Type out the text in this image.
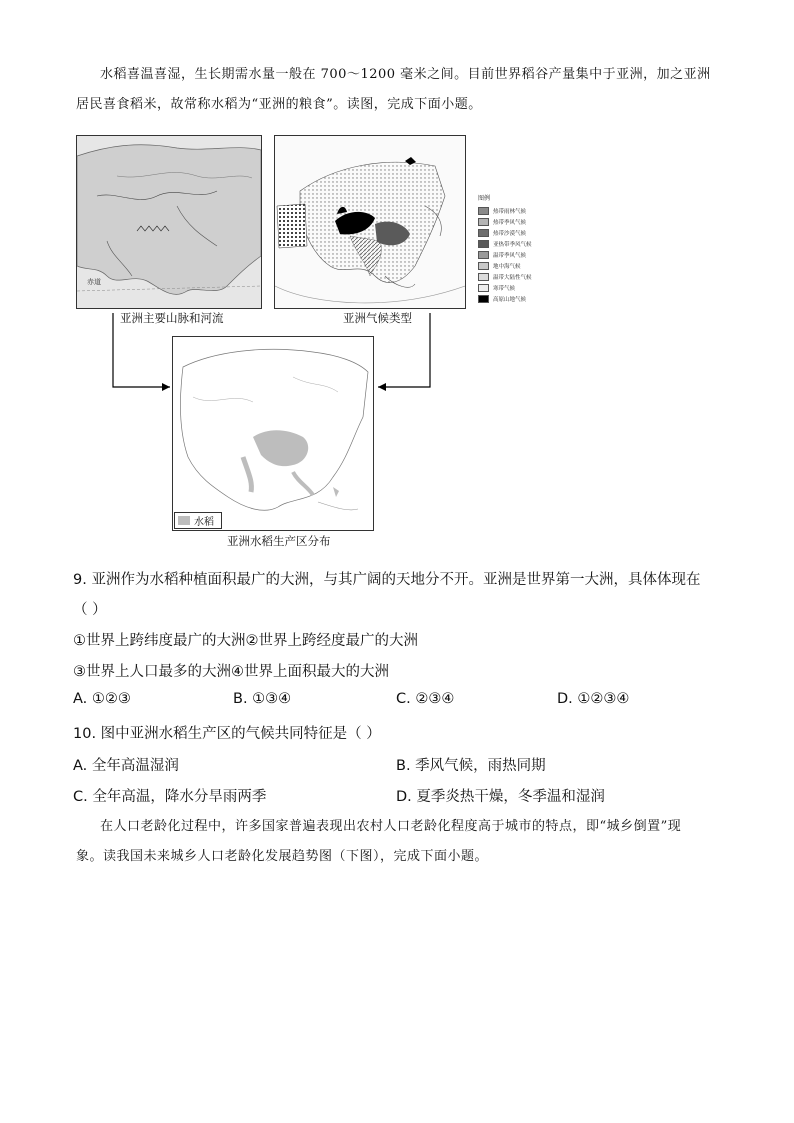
水稻喜温喜湿，生长期需水量一般在 700～1200 毫米之间。目前世界稻谷产量集中于亚洲，加之亚洲
居民喜食稻米，故常称水稻为“亚洲的粮食”。读图，完成下面小题。
赤道
亚洲主要山脉和河流	亚洲气候类型
图例
热带雨林气候
热带季风气候
热带沙漠气候
亚热带季风气候
温带季风气候
地中海气候
温带大陆性气候
寒带气候
高原山地气候
水稻
亚洲水稻生产区分布
9. 亚洲作为水稻种植面积最广的大洲，与其广阔的天地分不开。亚洲是世界第一大洲，具体体现在
（ ）
①世界上跨纬度最广的大洲②世界上跨经度最广的大洲
③世界上人口最多的大洲④世界上面积最大的大洲
A. ①②③	B. ①③④	C. ②③④	D. ①②③④
10. 图中亚洲水稻生产区的气候共同特征是（ ）
A. 全年高温湿润	B. 季风气候，雨热同期
C. 全年高温，降水分旱雨两季	D. 夏季炎热干燥，冬季温和湿润
在人口老龄化过程中，许多国家普遍表现出农村人口老龄化程度高于城市的特点，即“城乡倒置”现
象。读我国未来城乡人口老龄化发展趋势图（下图），完成下面小题。
